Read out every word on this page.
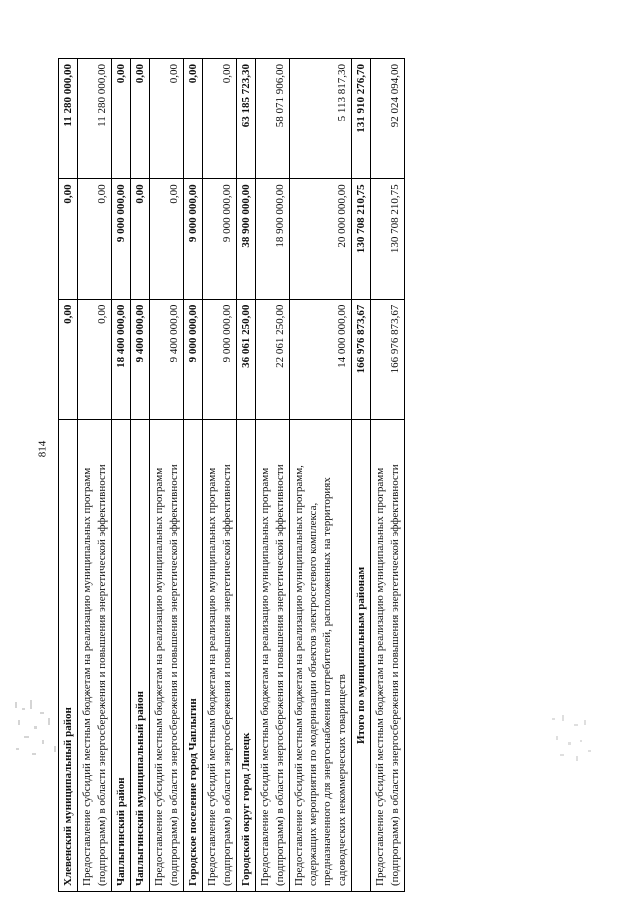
814
Хлевенский муниципальный район	0,00	0,00	11 280 000,00
Предоставление субсидий местным бюджетам на реализацию муниципальных программ (подпрограмм) в области энергосбережения и повышения энергетической эффективности	0,00	0,00	11 280 000,00
Чаплыгинский район	18 400 000,00	9 000 000,00	0,00
Чаплыгинский муниципальный район	9 400 000,00	0,00	0,00
Предоставление субсидий местным бюджетам на реализацию муниципальных программ (подпрограмм) в области энергосбережения и повышения энергетической эффективности	9 400 000,00	0,00	0,00
Городское поселение город Чаплыгин	9 000 000,00	9 000 000,00	0,00
Предоставление субсидий местным бюджетам на реализацию муниципальных программ (подпрограмм) в области энергосбережения и повышения энергетической эффективности	9 000 000,00	9 000 000,00	0,00
Городской округ город Липецк	36 061 250,00	38 900 000,00	63 185 723,30
Предоставление субсидий местным бюджетам на реализацию муниципальных программ (подпрограмм) в области энергосбережения и повышения энергетической эффективности	22 061 250,00	18 900 000,00	58 071 906,00
Предоставление субсидий местным бюджетам на реализацию муниципальных программ, содержащих мероприятия по модернизации объектов электросетевого комплекса, предназначенного для энергоснабжения потребителей, расположенных на территориях садоводческих некоммерческих товариществ	14 000 000,00	20 000 000,00	5 113 817,30
Итого по муниципальным районам	166 976 873,67	130 708 210,75	131 910 276,70
Предоставление субсидий местным бюджетам на реализацию муниципальных программ (подпрограмм) в области энергосбережения и повышения энергетической эффективности	166 976 873,67	130 708 210,75	92 024 094,00
